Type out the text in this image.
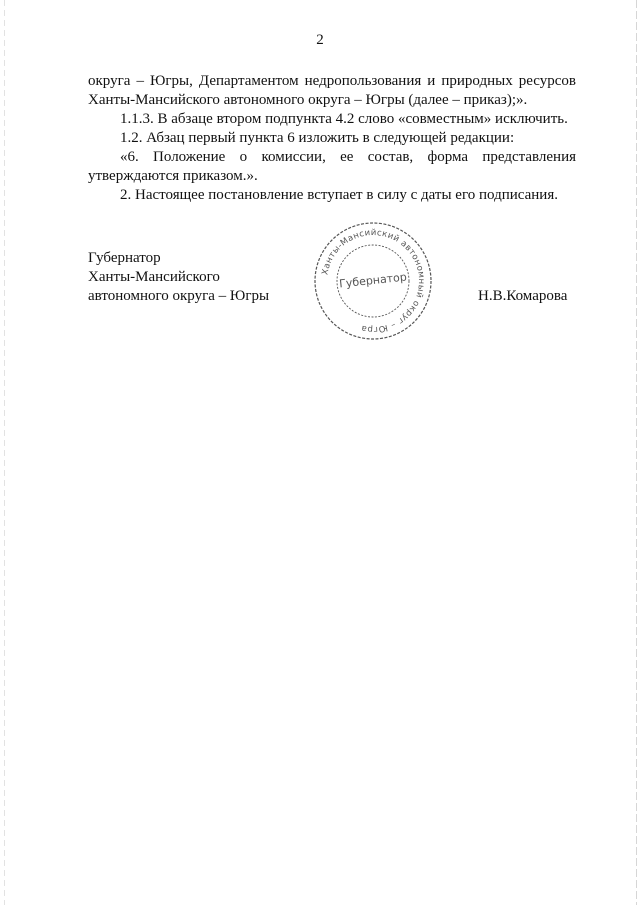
2

округа – Югры, Департаментом недропользования и природных ресурсов Ханты-Мансийского автономного округа – Югры (далее – приказ);».

1.1.3. В абзаце втором подпункта 4.2 слово «совместным» исключить.

1.2. Абзац первый пункта 6 изложить в следующей редакции:

«6. Положение о комиссии, ее состав, форма представления утверждаются приказом.».

2. Настоящее постановление вступает в силу с даты его подписания.

Губернатор
Ханты-Мансийского
автономного округа – Югры
Ханты-Мансийский автономный округ – Югра
Губернатор
Н.В.Комарова
